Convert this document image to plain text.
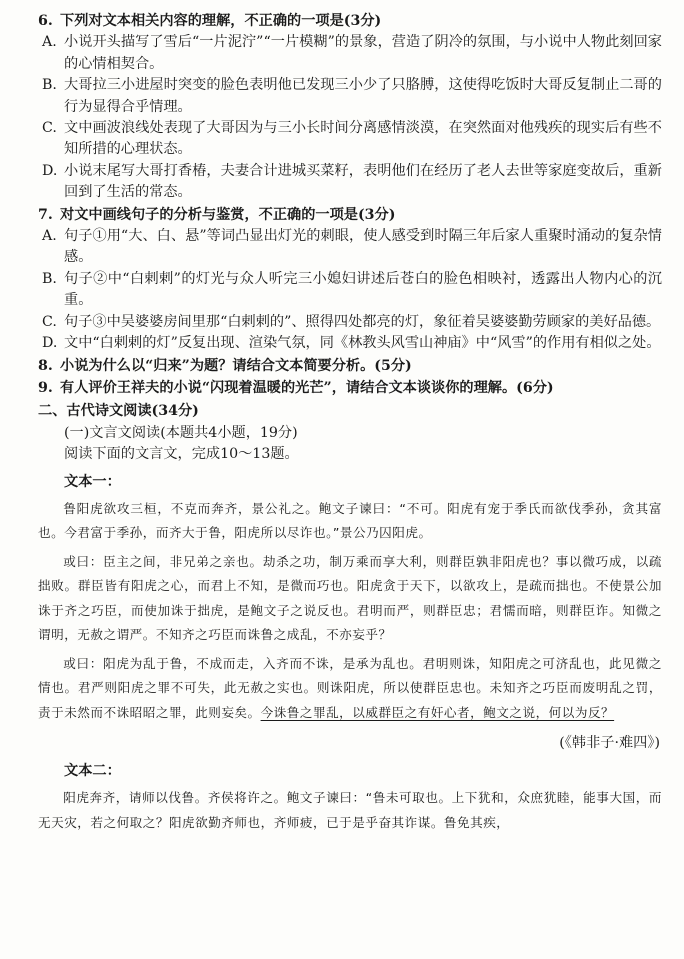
6. 下列对文本相关内容的理解，不正确的一项是(3分)
A. 小说开头描写了雪后“一片泥泞”“一片模糊”的景象，营造了阴冷的氛围，与小说中人物此刻回家的心情相契合。
B. 大哥拉三小进屋时突变的脸色表明他已发现三小少了只胳膊，这使得吃饭时大哥反复制止二哥的行为显得合乎情理。
C. 文中画波浪线处表现了大哥因为与三小长时间分离感情淡漠，在突然面对他残疾的现实后有些不知所措的心理状态。
D. 小说末尾写大哥打香椿，夫妻合计进城买菜籽，表明他们在经历了老人去世等家庭变故后，重新回到了生活的常态。
7. 对文中画线句子的分析与鉴赏，不正确的一项是(3分)
A. 句子①用“大、白、悬”等词凸显出灯光的刺眼，使人感受到时隔三年后家人重聚时涌动的复杂情感。
B. 句子②中“白剌剌”的灯光与众人听完三小媳妇讲述后苍白的脸色相映衬，透露出人物内心的沉重。
C. 句子③中吴婆婆房间里那“白剌剌的”、照得四处都亮的灯，象征着吴婆婆勤劳顾家的美好品德。
D. 文中“白剌剌的灯”反复出现、渲染气氛，同《林教头风雪山神庙》中“风雪”的作用有相似之处。
8. 小说为什么以“归来”为题？请结合文本简要分析。(5分)
9. 有人评价王祥夫的小说“闪现着温暖的光芒”，请结合文本谈谈你的理解。(6分)
二、古代诗文阅读(34分)
(一)文言文阅读(本题共4小题，19分)
阅读下面的文言文，完成10～13题。
文本一：
鲁阳虎欲攻三桓，不克而奔齐，景公礼之。鲍文子谏曰：“不可。阳虎有宠于季氏而欲伐季孙，贪其富也。今君富于季孙，而齐大于鲁，阳虎所以尽诈也。”景公乃囚阳虎。
或曰：臣主之间，非兄弟之亲也。劫杀之功，制万乘而享大利，则群臣孰非阳虎也？事以微巧成，以疏拙败。群臣皆有阳虎之心，而君上不知，是微而巧也。阳虎贪于天下，以欲攻上，是疏而拙也。不使景公加诛于齐之巧臣，而使加诛于拙虎，是鲍文子之说反也。君明而严，则群臣忠；君懦而暗，则群臣诈。知微之谓明，无赦之谓严。不知齐之巧臣而诛鲁之成乱，不亦妄乎？
或曰：阳虎为乱于鲁，不成而走，入齐而不诛，是承为乱也。君明则诛，知阳虎之可济乱也，此见微之情也。君严则阳虎之罪不可失，此无赦之实也。则诛阳虎，所以使群臣忠也。未知齐之巧臣而废明乱之罚，责于未然而不诛昭昭之罪，此则妄矣。今诛鲁之罪乱，以威群臣之有奸心者，鲍文之说，何以为反？
(《韩非子·难四》)
文本二：
阳虎奔齐，请师以伐鲁。齐侯将许之。鲍文子谏曰：“鲁未可取也。上下犹和，众庶犹睦，能事大国，而无天灾，若之何取之？阳虎欲勤齐师也，齐师疲，已于是乎奋其诈谋。鲁免其疾，
